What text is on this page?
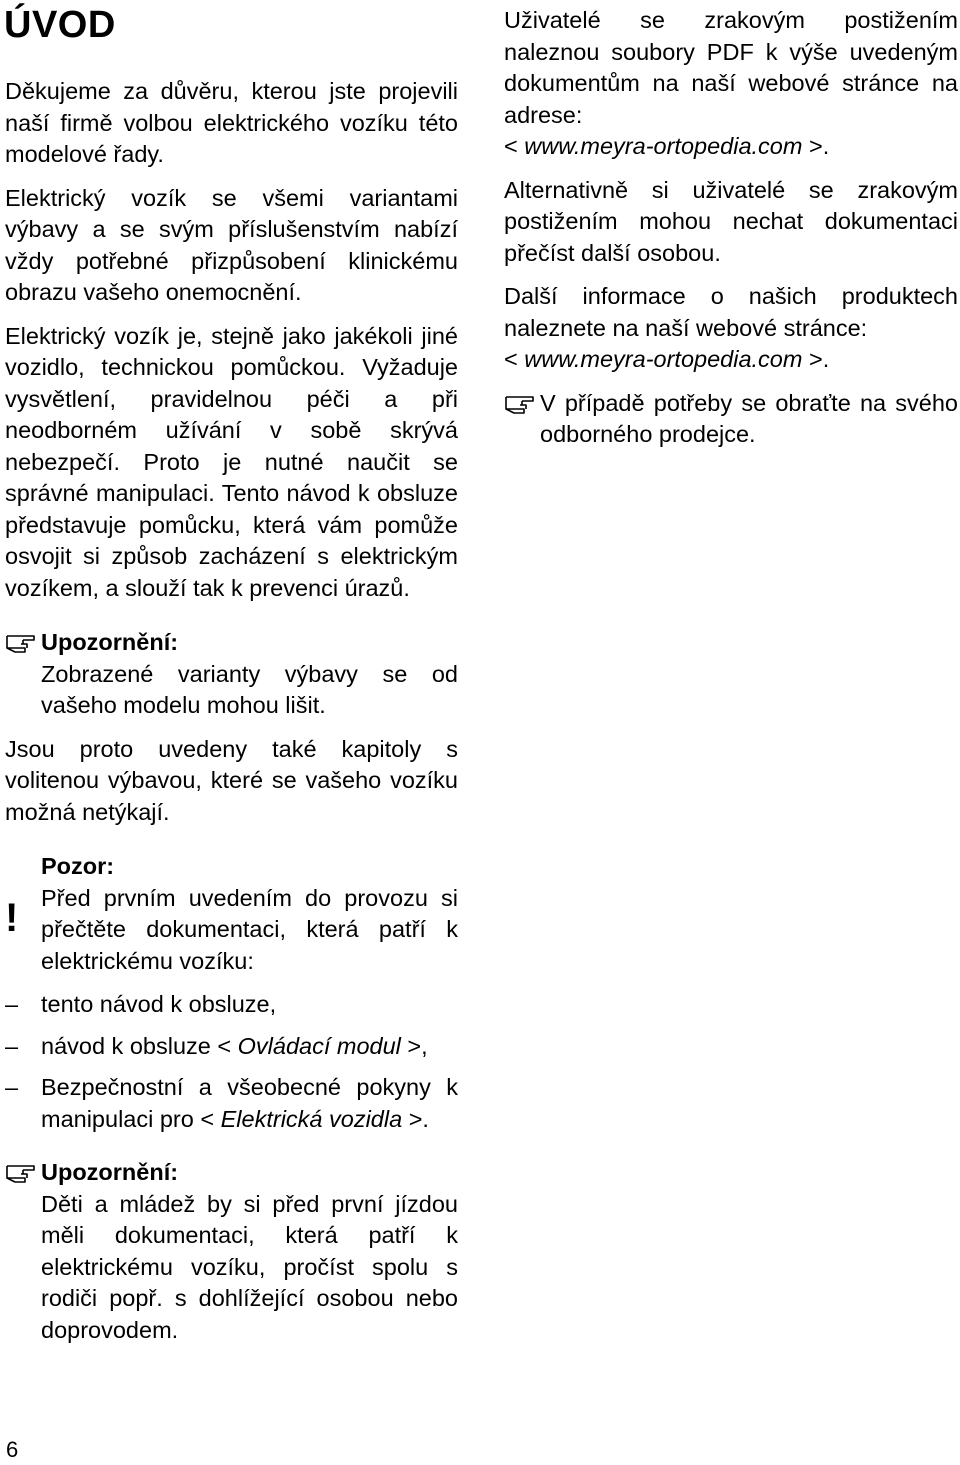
ÚVOD

Děkujeme za důvěru, kterou jste projevili naší firmě volbou elektrického vozíku této modelové řady.

Elektrický vozík se všemi variantami výbavy a se svým příslušenstvím nabízí vždy potřebné přizpůsobení klinickému obrazu vašeho onemocnění.

Elektrický vozík je, stejně jako jakékoli jiné vozidlo, technickou pomůckou. Vyžaduje vysvětlení, pravidelnou péči a při neodborném užívání v sobě skrývá nebezpečí. Proto je nutné naučit se správné manipulaci. Tento návod k obsluze představuje pomůcku, která vám pomůže osvojit si způsob zacházení s elektrickým vozíkem, a slouží tak k prevenci úrazů.

Upozornění:

Zobrazené varianty výbavy se od vašeho modelu mohou lišit.

Jsou proto uvedeny také kapitoly s volitenou výbavou, které se vašeho vozíku možná netýkají.

!
Pozor:

Před prvním uvedením do provozu si přečtěte dokumentaci, která patří k elektrickému vozíku:

– tento návod k obsluze,
– návod k obsluze < Ovládací modul >,
– Bezpečnostní a všeobecné pokyny k manipulaci pro < Elektrická vozidla >.
Upozornění:

Děti a mládež by si před první jízdou měli dokumentaci, která patří k elektrickému vozíku, pročíst spolu s rodiči popř. s dohlížející osobou nebo doprovodem.

Uživatelé se zrakovým postižením naleznou soubory PDF k výše uvedeným dokumentům na naší webové stránce na adrese:
< www.meyra-ortopedia.com >.

Alternativně si uživatelé se zrakovým postižením mohou nechat dokumentaci přečíst další osobou.

Další informace o našich produktech naleznete na naší webové stránce:
< www.meyra-ortopedia.com >.

V případě potřeby se obraťte na svého odborného prodejce.

6
